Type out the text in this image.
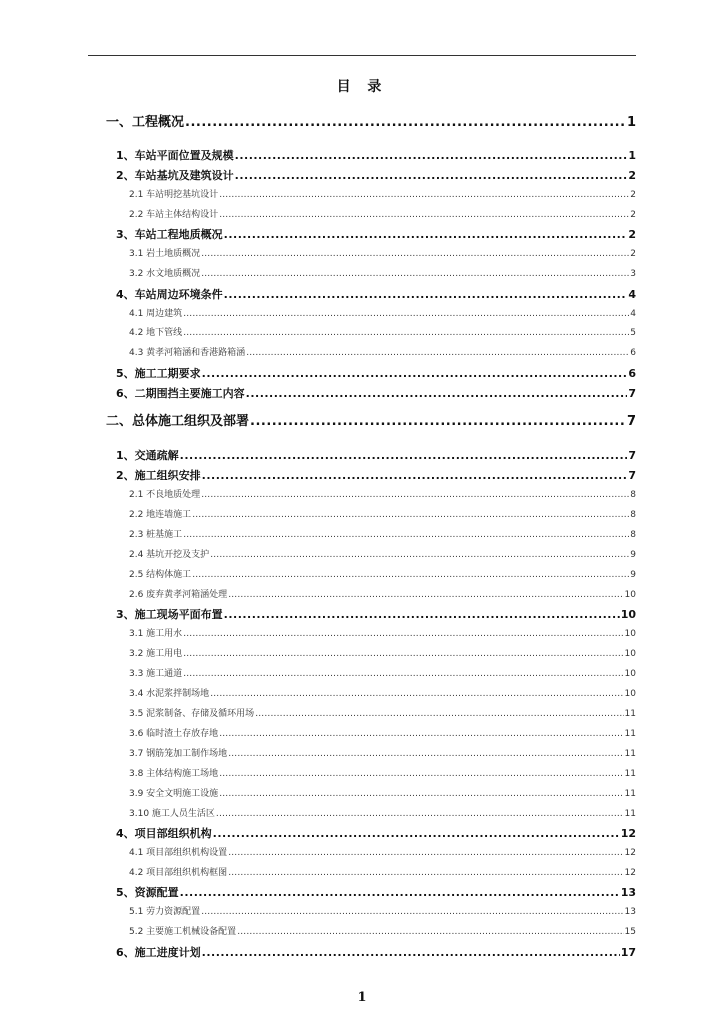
目 录
一、工程概况 .....	1
1、车站平面位置及规模 .....	1
2、车站基坑及建筑设计 .....	2
2.1 车站明挖基坑设计 .....	2
2.2 车站主体结构设计 .....	2
3、车站工程地质概况 .....	2
3.1 岩土地质概况 .....	2
3.2 水文地质概况 .....	3
4、车站周边环境条件 .....	4
4.1 周边建筑 .....	4
4.2 地下管线 .....	5
4.3 黄孝河箱涵和香港路箱涵 .....	6
5、施工工期要求 .....	6
6、二期围挡主要施工内容 .....	7
二、总体施工组织及部署 .....	7
1、交通疏解 .....	7
2、施工组织安排 .....	7
2.1 不良地质处理 .....	8
2.2 地连墙施工 .....	8
2.3 桩基施工 .....	8
2.4 基坑开挖及支护 .....	9
2.5 结构体施工 .....	9
2.6 废弃黄孝河箱涵处理 .....	10
3、施工现场平面布置 .....	10
3.1 施工用水 .....	10
3.2 施工用电 .....	10
3.3 施工通道 .....	10
3.4 水泥浆拌制场地 .....	10
3.5 泥浆制备、存储及循环用场 .....	11
3.6 临时渣土存放存地 .....	11
3.7 钢筋笼加工制作场地 .....	11
3.8 主体结构施工场地 .....	11
3.9 安全文明施工设施 .....	11
3.10 施工人员生活区 .....	11
4、项目部组织机构 .....	12
4.1 项目部组织机构设置 .....	12
4.2 项目部组织机构框图 .....	12
5、资源配置 .....	13
5.1 劳力资源配置 .....	13
5.2 主要施工机械设备配置 .....	15
6、施工进度计划 .....	17
1
